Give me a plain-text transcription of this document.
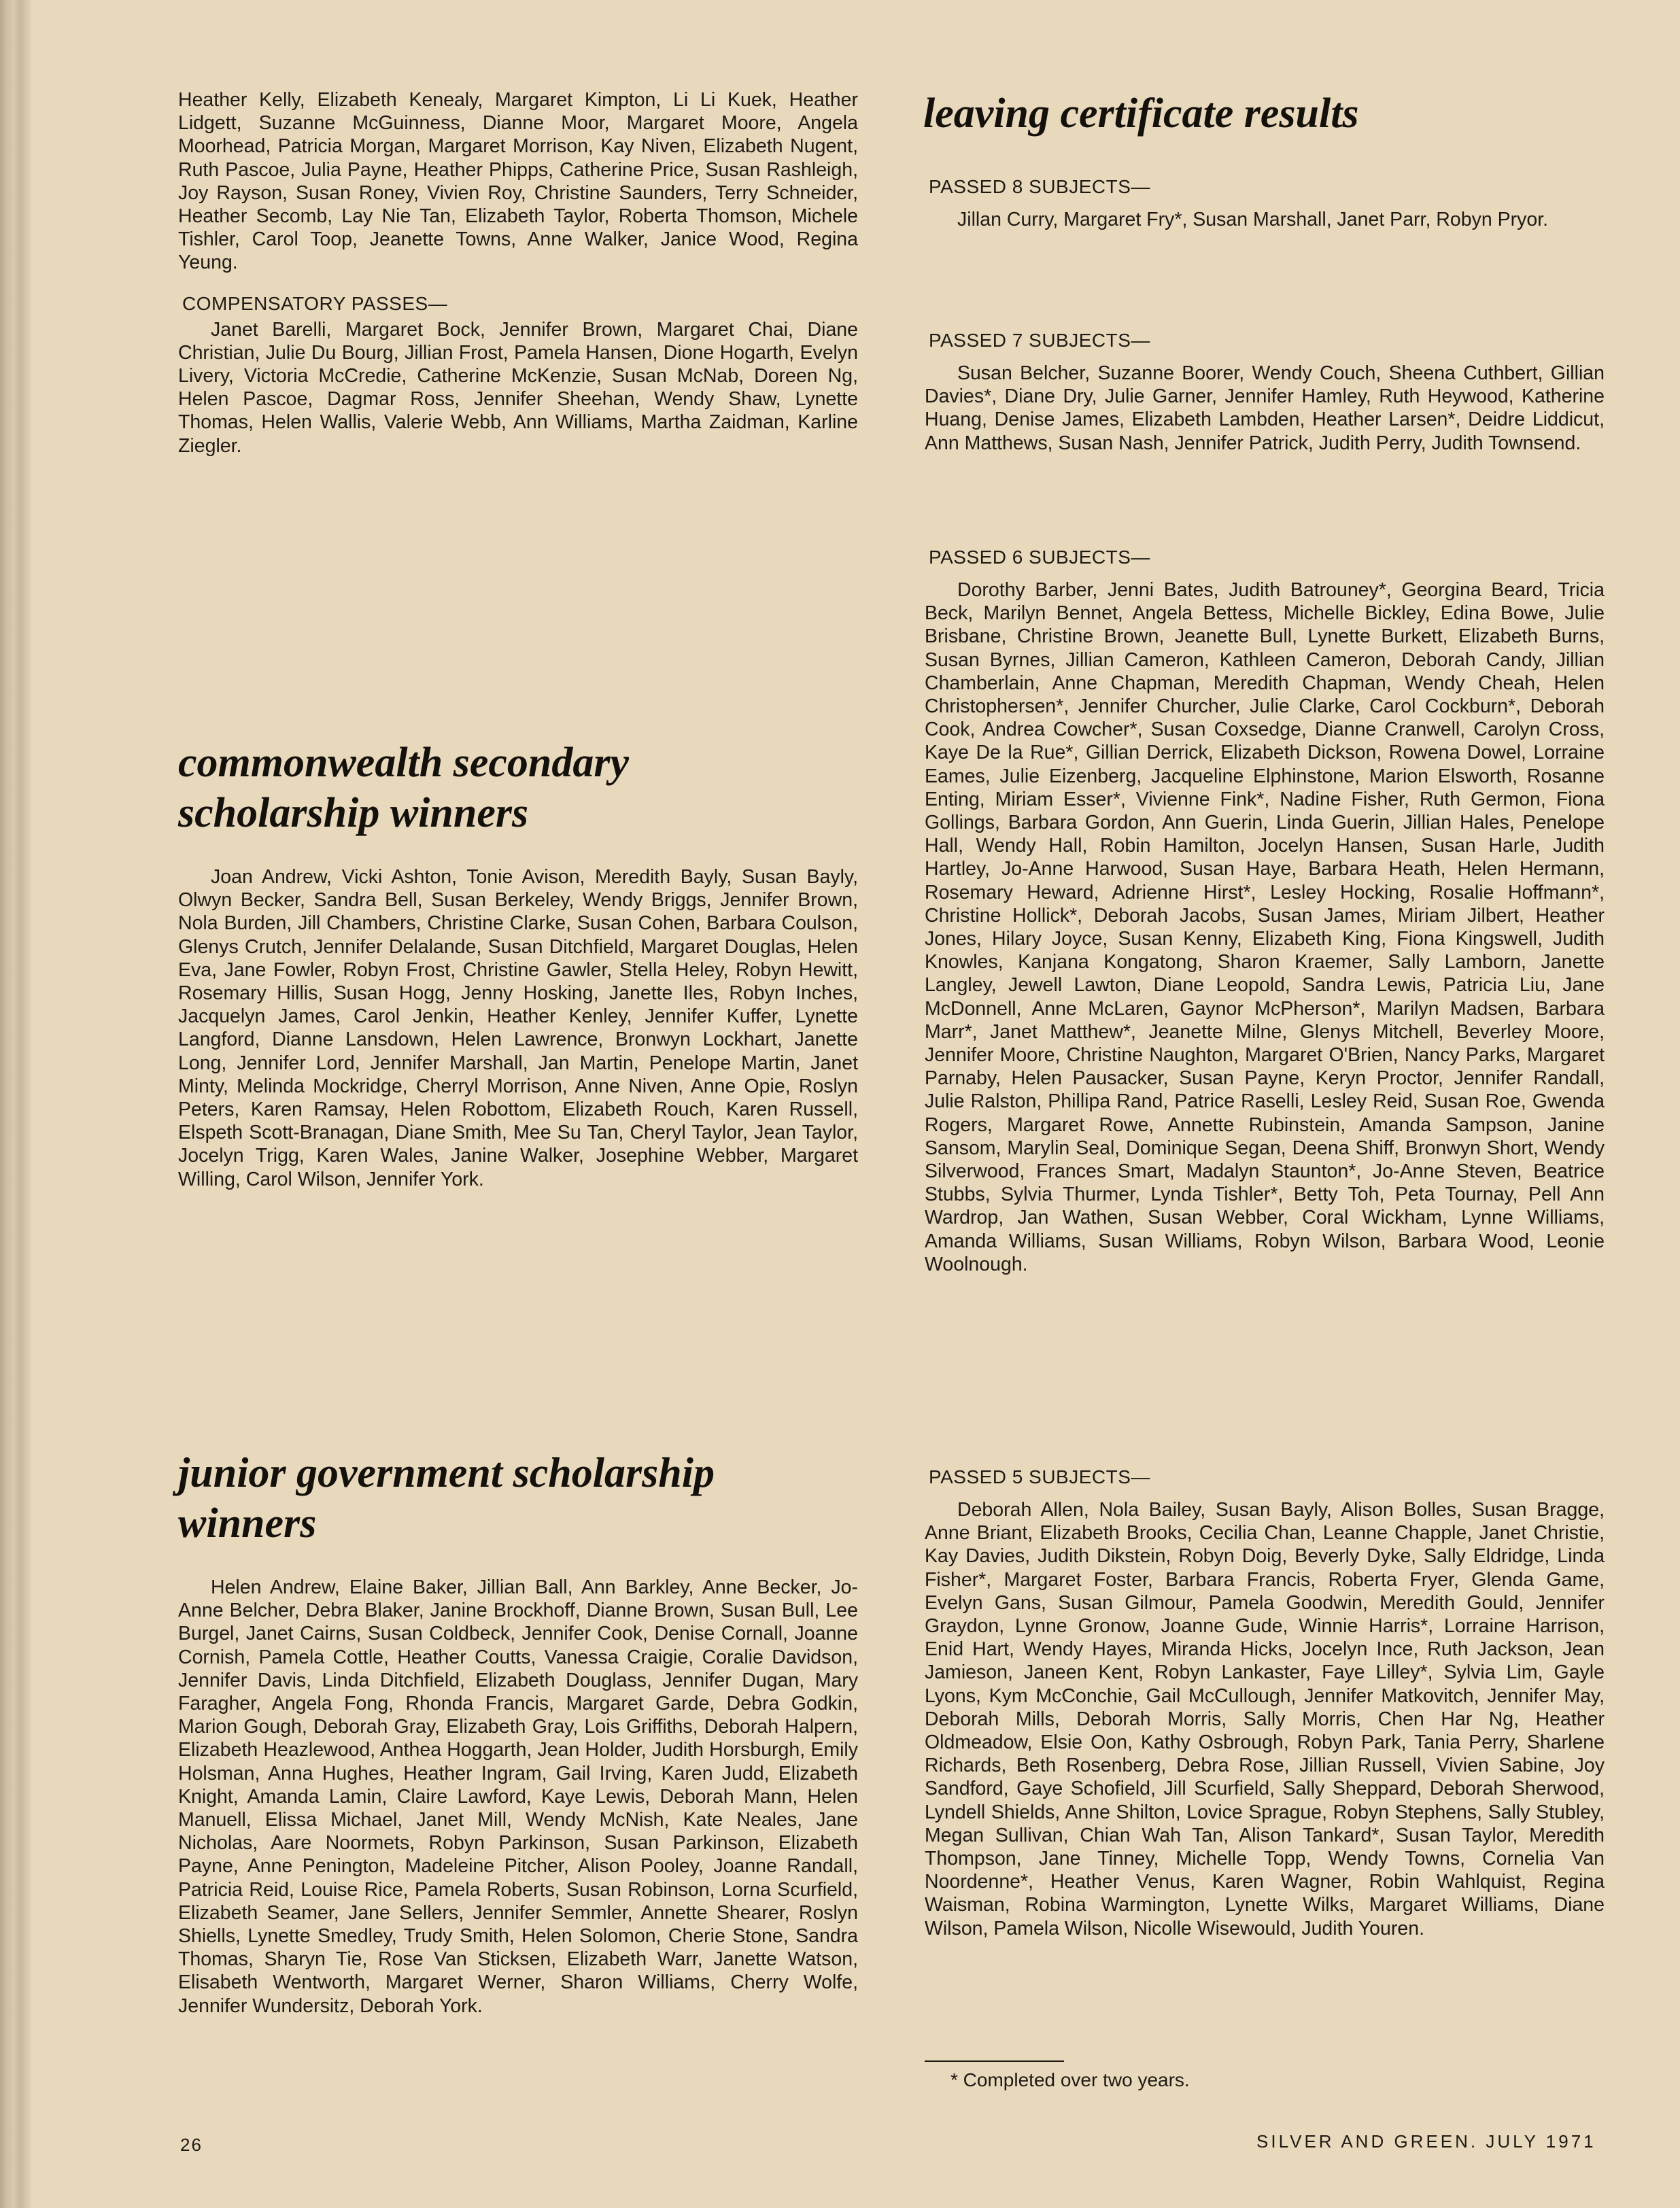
Heather Kelly, Elizabeth Kenealy, Margaret Kimpton, Li Li Kuek, Heather Lidgett, Suzanne McGuinness, Dianne Moor, Margaret Moore, Angela Moorhead, Patricia Morgan, Margaret Morrison, Kay Niven, Elizabeth Nugent, Ruth Pascoe, Julia Payne, Heather Phipps, Catherine Price, Susan Rashleigh, Joy Rayson, Susan Roney, Vivien Roy, Christine Saunders, Terry Schneider, Heather Secomb, Lay Nie Tan, Elizabeth Taylor, Roberta Thomson, Michele Tishler, Carol Toop, Jeanette Towns, Anne Walker, Janice Wood, Regina Yeung.

COMPENSATORY PASSES—

Janet Barelli, Margaret Bock, Jennifer Brown, Margaret Chai, Diane Christian, Julie Du Bourg, Jillian Frost, Pamela Hansen, Dione Hogarth, Evelyn Livery, Victoria McCredie, Catherine McKenzie, Susan McNab, Doreen Ng, Helen Pascoe, Dagmar Ross, Jennifer Sheehan, Wendy Shaw, Lynette Thomas, Helen Wallis, Valerie Webb, Ann Williams, Martha Zaidman, Karline Ziegler.

commonwealth secondary
scholarship winners

Joan Andrew, Vicki Ashton, Tonie Avison, Meredith Bayly, Susan Bayly, Olwyn Becker, Sandra Bell, Susan Berkeley, Wendy Briggs, Jennifer Brown, Nola Burden, Jill Chambers, Christine Clarke, Susan Cohen, Barbara Coulson, Glenys Crutch, Jennifer Delalande, Susan Ditchfield, Margaret Douglas, Helen Eva, Jane Fowler, Robyn Frost, Christine Gawler, Stella Heley, Robyn Hewitt, Rosemary Hillis, Susan Hogg, Jenny Hosking, Janette Iles, Robyn Inches, Jacquelyn James, Carol Jenkin, Heather Kenley, Jennifer Kuffer, Lynette Langford, Dianne Lansdown, Helen Lawrence, Bronwyn Lockhart, Janette Long, Jennifer Lord, Jennifer Marshall, Jan Martin, Penelope Martin, Janet Minty, Melinda Mockridge, Cherryl Morrison, Anne Niven, Anne Opie, Roslyn Peters, Karen Ramsay, Helen Robottom, Elizabeth Rouch, Karen Russell, Elspeth Scott-Branagan, Diane Smith, Mee Su Tan, Cheryl Taylor, Jean Taylor, Jocelyn Trigg, Karen Wales, Janine Walker, Josephine Webber, Margaret Willing, Carol Wilson, Jennifer York.

junior government scholarship
winners

Helen Andrew, Elaine Baker, Jillian Ball, Ann Barkley, Anne Becker, Jo-Anne Belcher, Debra Blaker, Janine Brockhoff, Dianne Brown, Susan Bull, Lee Burgel, Janet Cairns, Susan Coldbeck, Jennifer Cook, Denise Cornall, Joanne Cornish, Pamela Cottle, Heather Coutts, Vanessa Craigie, Coralie Davidson, Jennifer Davis, Linda Ditchfield, Elizabeth Douglass, Jennifer Dugan, Mary Faragher, Angela Fong, Rhonda Francis, Margaret Garde, Debra Godkin, Marion Gough, Deborah Gray, Elizabeth Gray, Lois Griffiths, Deborah Halpern, Elizabeth Heazlewood, Anthea Hoggarth, Jean Holder, Judith Horsburgh, Emily Holsman, Anna Hughes, Heather Ingram, Gail Irving, Karen Judd, Elizabeth Knight, Amanda Lamin, Claire Lawford, Kaye Lewis, Deborah Mann, Helen Manuell, Elissa Michael, Janet Mill, Wendy McNish, Kate Neales, Jane Nicholas, Aare Noormets, Robyn Parkinson, Susan Parkinson, Elizabeth Payne, Anne Penington, Madeleine Pitcher, Alison Pooley, Joanne Randall, Patricia Reid, Louise Rice, Pamela Roberts, Susan Robinson, Lorna Scurfield, Elizabeth Seamer, Jane Sellers, Jennifer Semmler, Annette Shearer, Roslyn Shiells, Lynette Smedley, Trudy Smith, Helen Solomon, Cherie Stone, Sandra Thomas, Sharyn Tie, Rose Van Sticksen, Elizabeth Warr, Janette Watson, Elisabeth Wentworth, Margaret Werner, Sharon Williams, Cherry Wolfe, Jennifer Wundersitz, Deborah York.

leaving certificate results
PASSED 8 SUBJECTS—

Jillan Curry, Margaret Fry*, Susan Marshall, Janet Parr, Robyn Pryor.

PASSED 7 SUBJECTS—

Susan Belcher, Suzanne Boorer, Wendy Couch, Sheena Cuthbert, Gillian Davies*, Diane Dry, Julie Garner, Jennifer Hamley, Ruth Heywood, Katherine Huang, Denise James, Elizabeth Lambden, Heather Larsen*, Deidre Liddicut, Ann Matthews, Susan Nash, Jennifer Patrick, Judith Perry, Judith Townsend.

PASSED 6 SUBJECTS—

Dorothy Barber, Jenni Bates, Judith Batrouney*, Georgina Beard, Tricia Beck, Marilyn Bennet, Angela Bettess, Michelle Bickley, Edina Bowe, Julie Brisbane, Christine Brown, Jeanette Bull, Lynette Burkett, Elizabeth Burns, Susan Byrnes, Jillian Cameron, Kathleen Cameron, Deborah Candy, Jillian Chamberlain, Anne Chapman, Meredith Chapman, Wendy Cheah, Helen Christophersen*, Jennifer Churcher, Julie Clarke, Carol Cockburn*, Deborah Cook, Andrea Cowcher*, Susan Coxsedge, Dianne Cranwell, Carolyn Cross, Kaye De la Rue*, Gillian Derrick, Elizabeth Dickson, Rowena Dowel, Lorraine Eames, Julie Eizenberg, Jacqueline Elphinstone, Marion Elsworth, Rosanne Enting, Miriam Esser*, Vivienne Fink*, Nadine Fisher, Ruth Germon, Fiona Gollings, Barbara Gordon, Ann Guerin, Linda Guerin, Jillian Hales, Penelope Hall, Wendy Hall, Robin Hamilton, Jocelyn Hansen, Susan Harle, Judith Hartley, Jo-Anne Harwood, Susan Haye, Barbara Heath, Helen Hermann, Rosemary Heward, Adrienne Hirst*, Lesley Hocking, Rosalie Hoffmann*, Christine Hollick*, Deborah Jacobs, Susan James, Miriam Jilbert, Heather Jones, Hilary Joyce, Susan Kenny, Elizabeth King, Fiona Kingswell, Judith Knowles, Kanjana Kongatong, Sharon Kraemer, Sally Lamborn, Janette Langley, Jewell Lawton, Diane Leopold, Sandra Lewis, Patricia Liu, Jane McDonnell, Anne McLaren, Gaynor McPherson*, Marilyn Madsen, Barbara Marr*, Janet Matthew*, Jeanette Milne, Glenys Mitchell, Beverley Moore, Jennifer Moore, Christine Naughton, Margaret O'Brien, Nancy Parks, Margaret Parnaby, Helen Pausacker, Susan Payne, Keryn Proctor, Jennifer Randall, Julie Ralston, Phillipa Rand, Patrice Raselli, Lesley Reid, Susan Roe, Gwenda Rogers, Margaret Rowe, Annette Rubinstein, Amanda Sampson, Janine Sansom, Marylin Seal, Dominique Segan, Deena Shiff, Bronwyn Short, Wendy Silverwood, Frances Smart, Madalyn Staunton*, Jo-Anne Steven, Beatrice Stubbs, Sylvia Thurmer, Lynda Tishler*, Betty Toh, Peta Tournay, Pell Ann Wardrop, Jan Wathen, Susan Webber, Coral Wickham, Lynne Williams, Amanda Williams, Susan Williams, Robyn Wilson, Barbara Wood, Leonie Woolnough.

PASSED 5 SUBJECTS—

Deborah Allen, Nola Bailey, Susan Bayly, Alison Bolles, Susan Bragge, Anne Briant, Elizabeth Brooks, Cecilia Chan, Leanne Chapple, Janet Christie, Kay Davies, Judith Dikstein, Robyn Doig, Beverly Dyke, Sally Eldridge, Linda Fisher*, Margaret Foster, Barbara Francis, Roberta Fryer, Glenda Game, Evelyn Gans, Susan Gilmour, Pamela Goodwin, Meredith Gould, Jennifer Graydon, Lynne Gronow, Joanne Gude, Winnie Harris*, Lorraine Harrison, Enid Hart, Wendy Hayes, Miranda Hicks, Jocelyn Ince, Ruth Jackson, Jean Jamieson, Janeen Kent, Robyn Lankaster, Faye Lilley*, Sylvia Lim, Gayle Lyons, Kym McConchie, Gail McCullough, Jennifer Matkovitch, Jennifer May, Deborah Mills, Deborah Morris, Sally Morris, Chen Har Ng, Heather Oldmeadow, Elsie Oon, Kathy Osbrough, Robyn Park, Tania Perry, Sharlene Richards, Beth Rosenberg, Debra Rose, Jillian Russell, Vivien Sabine, Joy Sandford, Gaye Schofield, Jill Scurfield, Sally Sheppard, Deborah Sherwood, Lyndell Shields, Anne Shilton, Lovice Sprague, Robyn Stephens, Sally Stubley, Megan Sullivan, Chian Wah Tan, Alison Tankard*, Susan Taylor, Meredith Thompson, Jane Tinney, Michelle Topp, Wendy Towns, Cornelia Van Noordenne*, Heather Venus, Karen Wagner, Robin Wahlquist, Regina Waisman, Robina Warmington, Lynette Wilks, Margaret Williams, Diane Wilson, Pamela Wilson, Nicolle Wisewould, Judith Youren.

* Completed over two years.
26	SILVER AND GREEN. JULY 1971
